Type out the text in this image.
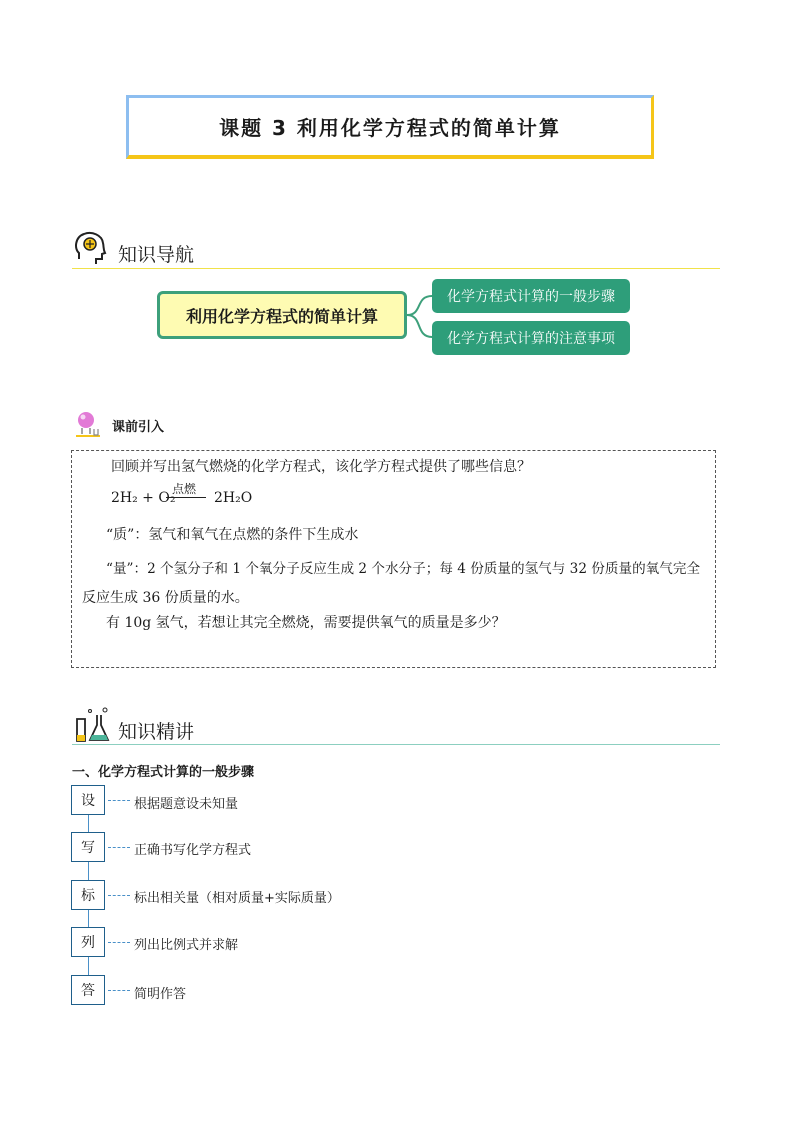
课题 3 利用化学方程式的简单计算
知识导航
利用化学方程式的简单计算
化学方程式计算的一般步骤
化学方程式计算的注意事项
课前引入
回顾并写出氢气燃烧的化学方程式，该化学方程式提供了哪些信息？
2H₂ + O₂
点燃
2H₂O
“质”：氢气和氧气在点燃的条件下生成水
“量”：2 个氢分子和 1 个氧分子反应生成 2 个水分子；每 4 份质量的氢气与 32 份质量的氧气完全
反应生成 36 份质量的水。
有 10g 氢气，若想让其完全燃烧，需要提供氧气的质量是多少？
知识精讲
一、化学方程式计算的一般步骤
设	根据题意设未知量
写	正确书写化学方程式
标	标出相关量（相对质量+实际质量）
列	列出比例式并求解
答	简明作答
